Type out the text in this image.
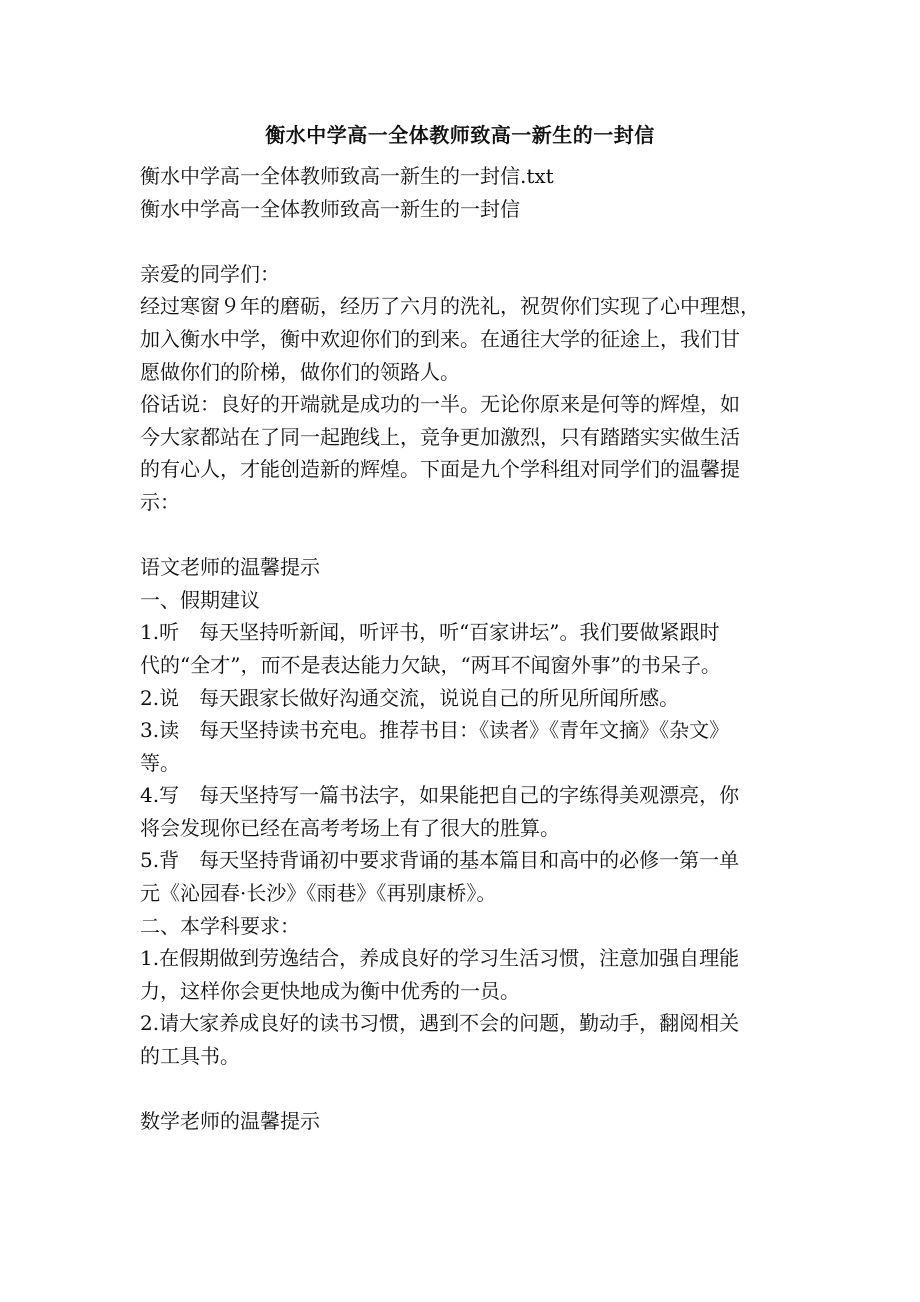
衡水中学高一全体教师致高一新生的一封信
衡水中学高一全体教师致高一新生的一封信.txt
衡水中学高一全体教师致高一新生的一封信
亲爱的同学们：
经过寒窗９年的磨砺，经历了六月的洗礼，祝贺你们实现了心中理想，
加入衡水中学，衡中欢迎你们的到来。在通往大学的征途上，我们甘
愿做你们的阶梯，做你们的领路人。
俗话说：良好的开端就是成功的一半。无论你原来是何等的辉煌，如
今大家都站在了同一起跑线上，竞争更加激烈，只有踏踏实实做生活
的有心人，才能创造新的辉煌。下面是九个学科组对同学们的温馨提
示：
语文老师的温馨提示
一、假期建议
1.听　每天坚持听新闻，听评书，听“百家讲坛”。我们要做紧跟时
代的“全才”，而不是表达能力欠缺，“两耳不闻窗外事”的书呆子。
2.说　每天跟家长做好沟通交流，说说自己的所见所闻所感。
3.读　每天坚持读书充电。推荐书目：《读者》《青年文摘》《杂文》
等。
4.写　每天坚持写一篇书法字，如果能把自己的字练得美观漂亮，你
将会发现你已经在高考考场上有了很大的胜算。
5.背　每天坚持背诵初中要求背诵的基本篇目和高中的必修一第一单
元《沁园春·长沙》《雨巷》《再别康桥》。
二、本学科要求：
1.在假期做到劳逸结合，养成良好的学习生活习惯，注意加强自理能
力，这样你会更快地成为衡中优秀的一员。
2.请大家养成良好的读书习惯，遇到不会的问题，勤动手，翻阅相关
的工具书。
数学老师的温馨提示
